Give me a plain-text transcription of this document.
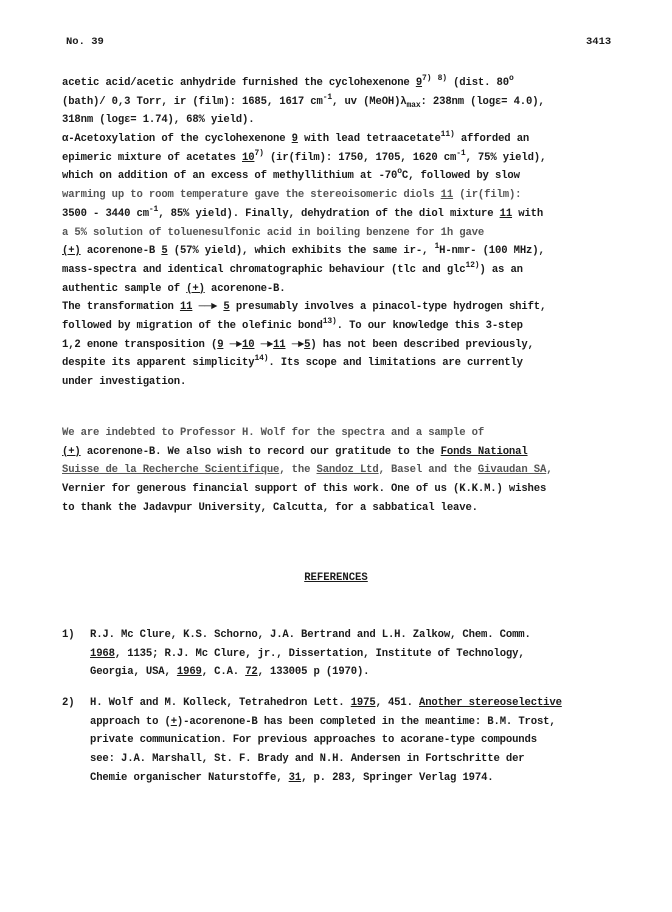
No. 39	3413
acetic acid/acetic anhydride furnished the cyclohexenone 9$^{7)}$ $^{8)}$ (dist. 80$^o$
(bath)/ 0,3 Torr, ir (film): 1685, 1617 $cm^{-1}$, uv $(MeOH)\lambda_{max}$: 238nm (logε= 4.0),
318nm (logε= 1.74), 68% yield).
α-Acetoxylation of the cyclohexenone 9 with lead tetraacetate$^{11)}$ afforded an
epimeric mixture of acetates 10$^{7)}$ (ir(film): 1750, 1705, 1620 $cm^{-1}$, 75% yield),
which on addition of an excess of methyllithium at -70$^o$C, followed by slow
warming up to room temperature gave the stereoisomeric diols 11 (ir(film):
3500 - 3440 $cm^{-1}$, 85% yield). Finally, dehydration of the diol mixture 11 with
a 5% solution of toluenesulfonic acid in boiling benzene for 1h gave
(+) acorenone-B 5 (57% yield), which exhibits the same ir-, $^1$H-nmr- (100 MHz),
mass-spectra and identical chromatographic behaviour (tlc and glc$^{12)}$) as an
authentic sample of (+) acorenone-B.
The transformation 11 ──► 5 presumably involves a pinacol-type hydrogen shift,
followed by migration of the olefinic bond$^{13)}$. To our knowledge this 3-step
1,2 enone transposition (9 ─►10 ─►11 ─►5) has not been described previously,
despite its apparent simplicity$^{14)}$. Its scope and limitations are currently
under investigation.
We are indebted to Professor H. Wolf for the spectra and a sample of
(+) acorenone-B. We also wish to record our gratitude to the Fonds National
Suisse de la Recherche Scientifique, the Sandoz Ltd, Basel and the Givaudan SA,
Vernier for generous financial support of this work. One of us (K.K.M.) wishes
to thank the Jadavpur University, Calcutta, for a sabbatical leave.
REFERENCES
1) R.J. Mc Clure, K.S. Schorno, J.A. Bertrand and L.H. Zalkow, Chem. Comm.
1968, 1135; R.J. Mc Clure, jr., Dissertation, Institute of Technology,
Georgia, USA, 1969, C.A. 72, 133005 p (1970).
2) H. Wolf and M. Kolleck, Tetrahedron Lett. 1975, 451. Another stereoselective
approach to (+)-acorenone-B has been completed in the meantime: B.M. Trost,
private communication. For previous approaches to acorane-type compounds
see: J.A. Marshall, St. F. Brady and N.H. Andersen in Fortschritte der
Chemie organischer Naturstoffe, 31, p. 283, Springer Verlag 1974.
